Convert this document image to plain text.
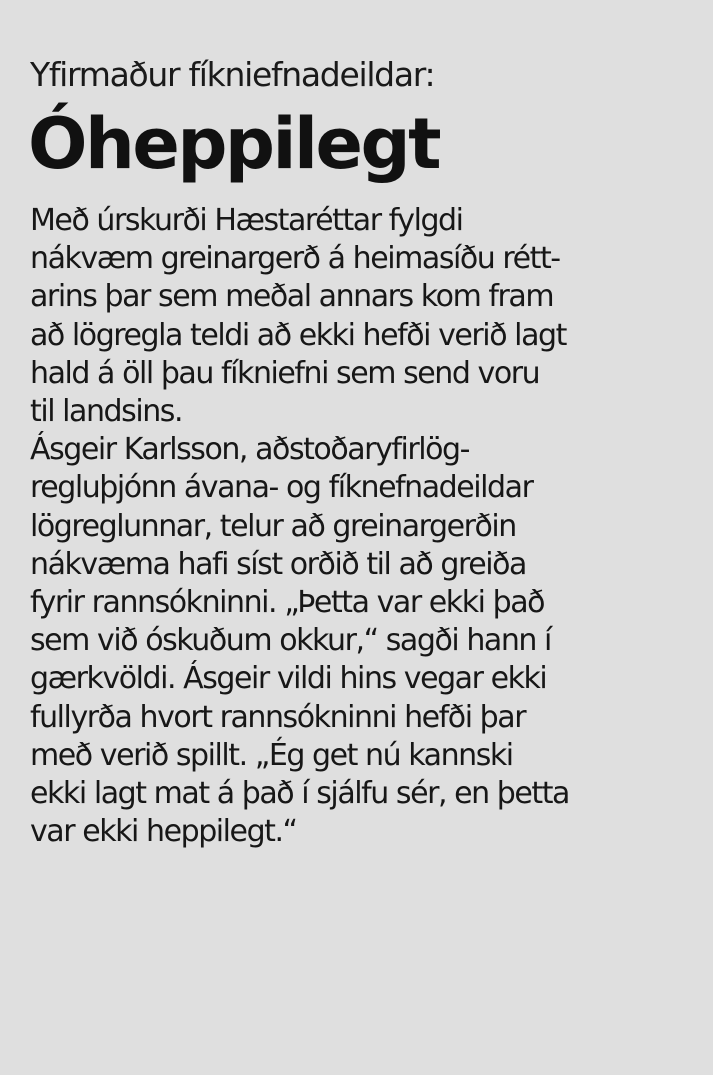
Yfirmaður fíkniefnadeildar:
Óheppilegt
Með úrskurði Hæstaréttar fylgdi
nákvæm greinargerð á heimasíðu rétt-
arins þar sem meðal annars kom fram
að lögregla teldi að ekki hefði verið lagt
hald á öll þau fíkniefni sem send voru
til landsins.
Ásgeir Karlsson, aðstoðaryfirlög-
regluþjónn ávana- og fíknefnadeildar
lögreglunnar, telur að greinargerðin
nákvæma hafi síst orðið til að greiða
fyrir rannsókninni. „Þetta var ekki það
sem við óskuðum okkur,“ sagði hann í
gærkvöldi. Ásgeir vildi hins vegar ekki
fullyrða hvort rannsókninni hefði þar
með verið spillt. „Ég get nú kannski
ekki lagt mat á það í sjálfu sér, en þetta
var ekki heppilegt.“
